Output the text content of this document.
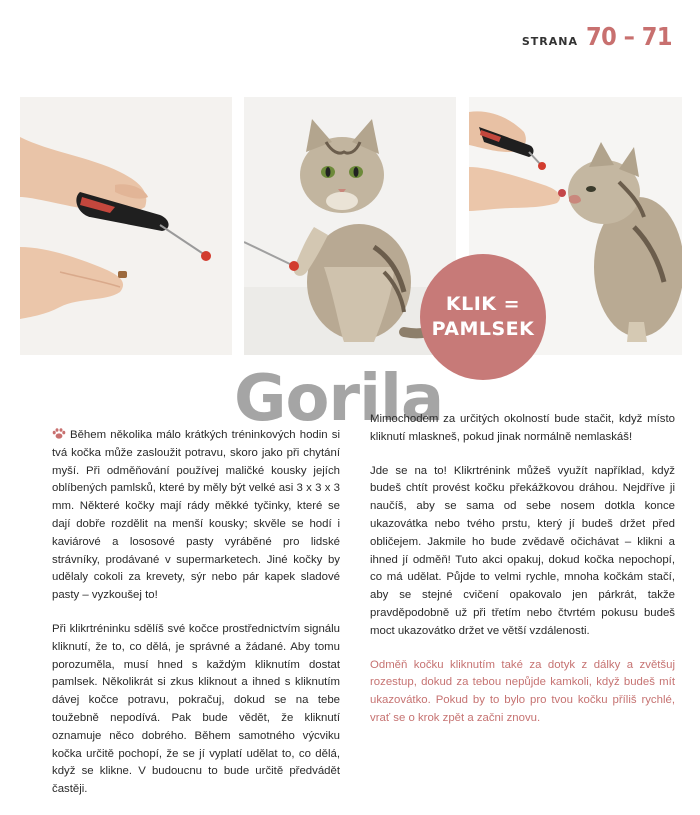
STRANA 70 – 71
KLIK =
PAMLSEK
Gorila

Během několika málo krátkých tréninkových hodin si tvá kočka může zasloužit potravu, skoro jako při chytání myší. Při odměňování používej maličké kousky jejích oblíbených pamlsků, které by měly být velké asi 3 x 3 x 3 mm. Některé kočky mají rády měkké tyčinky, které se dají dobře rozdělit na menší kousky; skvěle se hodí i kaviárové a lososové pasty vyráběné pro lidské strávníky, prodávané v supermarketech. Jiné kočky by udělaly cokoli za krevety, sýr nebo pár kapek sladové pasty – vyzkoušej to!

Při klikrtréninku sdělíš své kočce prostřednictvím signálu kliknutí, že to, co dělá, je správné a žádané. Aby tomu porozuměla, musí hned s každým kliknutím dostat pamlsek. Několikrát si zkus kliknout a ihned s kliknutím dávej kočce potravu, pokračuj, dokud se na tebe toužebně nepodívá. Pak bude vědět, že kliknutí oznamuje něco dobrého. Během samotného výcviku kočka určitě pochopí, že se jí vyplatí udělat to, co dělá, když se klikne. V budoucnu to bude určitě předvádět častěji.

Mimochodem za určitých okolností bude stačit, když místo kliknutí mlaskneš, pokud jinak normálně nemlaskáš!

Jde se na to! Klikrtrénink můžeš využít například, když budeš chtít provést kočku překážkovou dráhou. Nejdříve ji naučíš, aby se sama od sebe nosem dotkla konce ukazovátka nebo tvého prstu, který jí budeš držet před obličejem. Jakmile ho bude zvědavě očichávat – klikni a ihned jí odměň! Tuto akci opakuj, dokud kočka nepochopí, co má udělat. Půjde to velmi rychle, mnoha kočkám stačí, aby se stejné cvičení opakovalo jen párkrát, takže pravděpodobně už při třetím nebo čtvrtém pokusu budeš moct ukazovátko držet ve větší vzdálenosti.

Odměň kočku kliknutím také za dotyk z dálky a zvětšuj rozestup, dokud za tebou nepůjde kamkoli, když budeš mít ukazovátko. Pokud by to bylo pro tvou kočku příliš rychlé, vrať se o krok zpět a začni znovu.
